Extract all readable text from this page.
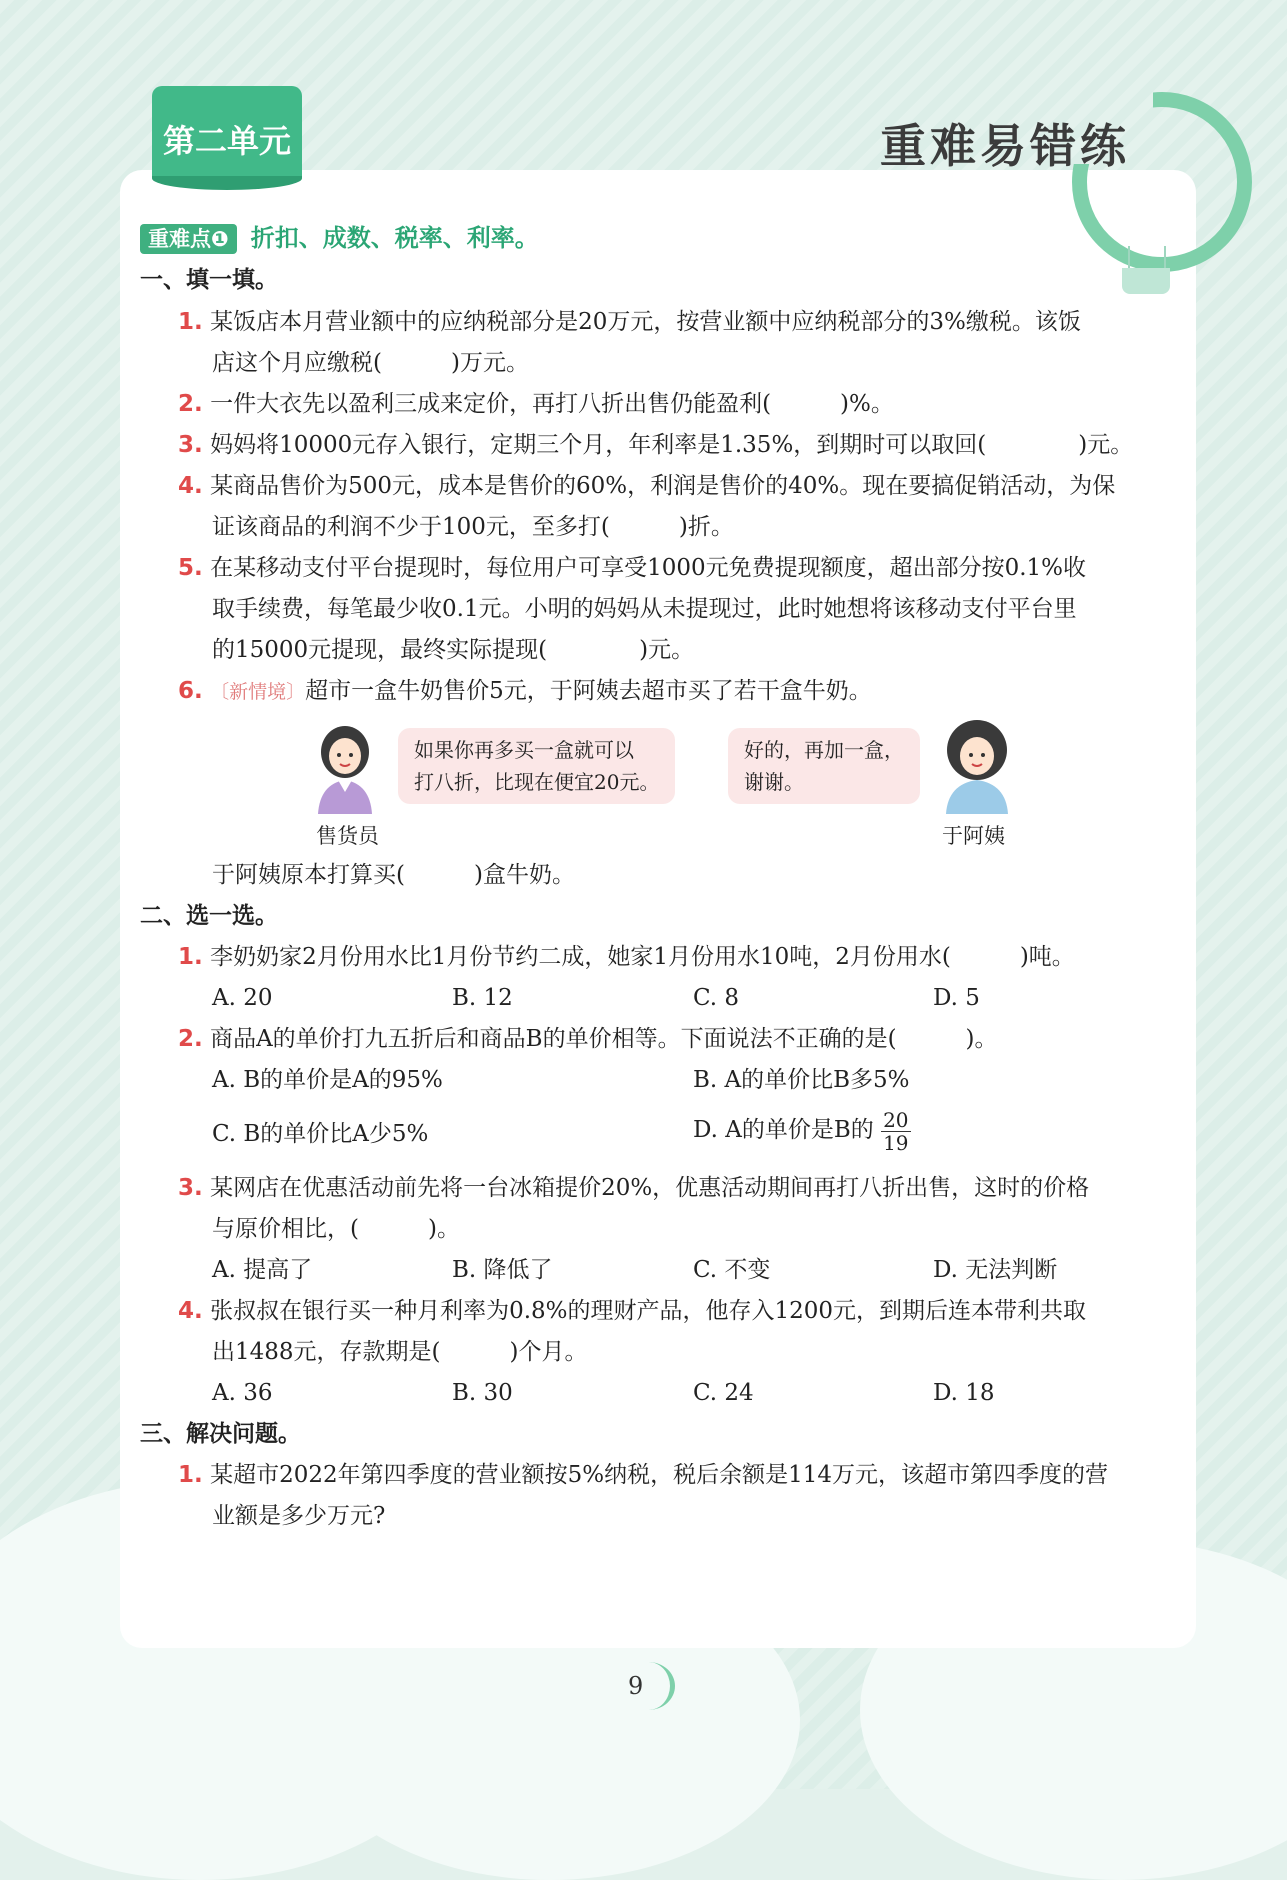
第二单元	重难易错练
重难点❶ 折扣、成数、税率、利率。
一、填一填。
1. 某饭店本月营业额中的应纳税部分是20万元，按营业额中应纳税部分的3%缴税。该饭
店这个月应缴税(　　　)万元。
2. 一件大衣先以盈利三成来定价，再打八折出售仍能盈利(　　　)%。
3. 妈妈将10000元存入银行，定期三个月，年利率是1.35%，到期时可以取回(　　　　)元。
4. 某商品售价为500元，成本是售价的60%，利润是售价的40%。现在要搞促销活动，为保
证该商品的利润不少于100元，至多打(　　　)折。
5. 在某移动支付平台提现时，每位用户可享受1000元免费提现额度，超出部分按0.1%收
取手续费，每笔最少收0.1元。小明的妈妈从未提现过，此时她想将该移动支付平台里
的15000元提现，最终实际提现(　　　　)元。
6. 〔新情境〕超市一盒牛奶售价5元，于阿姨去超市买了若干盒牛奶。
售货员
如果你再多买一盒就可以
打八折，比现在便宜20元。
好的，再加一盒，
谢谢。
于阿姨
于阿姨原本打算买(　　　)盒牛奶。
二、选一选。
1. 李奶奶家2月份用水比1月份节约二成，她家1月份用水10吨，2月份用水(　　　)吨。
A. 20	B. 12	C. 8	D. 5
2. 商品A的单价打九五折后和商品B的单价相等。下面说法不正确的是(　　　)。
A. B的单价是A的95%	B. A的单价比B多5%
C. B的单价比A少5%	D. A的单价是B的 $\frac{20}{19}$
3. 某网店在优惠活动前先将一台冰箱提价20%，优惠活动期间再打八折出售，这时的价格
与原价相比，(　　　)。
A. 提高了	B. 降低了	C. 不变	D. 无法判断
4. 张叔叔在银行买一种月利率为0.8%的理财产品，他存入1200元，到期后连本带利共取
出1488元，存款期是(　　　)个月。
A. 36	B. 30	C. 24	D. 18
三、解决问题。
1. 某超市2022年第四季度的营业额按5%纳税，税后余额是114万元，该超市第四季度的营
业额是多少万元?
9
